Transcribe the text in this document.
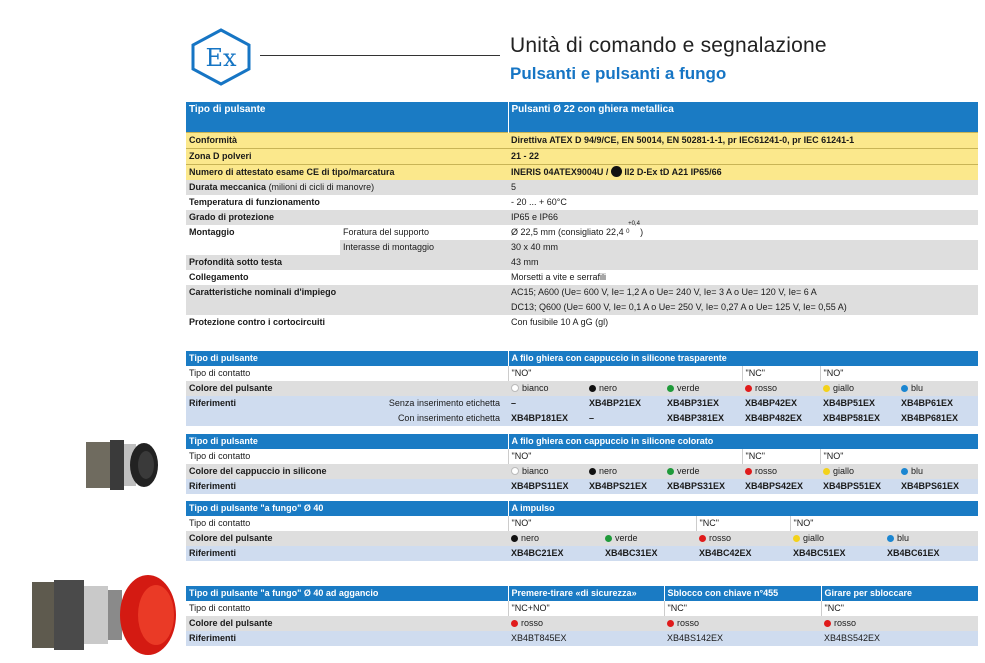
Ex	Unità di comando e segnalazione
Pulsanti e pulsanti a fungo
Tipo di pulsante		Pulsanti Ø 22 con ghiera metallica

Conformità		Direttiva ATEX D 94/9/CE, EN 50014, EN 50281-1-1, pr IEC61241-0, pr IEC 61241-1
Zona D polveri		21 - 22
Numero di attestato esame CE di tipo/marcatura		INERIS 04ATEX9004U / II2 D-Ex tD A21 IP65/66
Durata meccanica (milioni di cicli di manovre)		5
Temperatura di funzionamento		- 20 ... + 60°C
Grado di protezione		IP65 e IP66
Montaggio	Foratura del supporto	Ø 22,5 mm (consigliato 22,4
+0,4
0 )
	Interasse di montaggio	30 x 40 mm
Profondità sotto testa		43 mm
Collegamento		Morsetti a vite e serrafili
Caratteristiche nominali d'impiego		AC15; A600 (Ue= 600 V, Ie= 1,2 A o Ue= 240 V, Ie= 3 A o Ue= 120 V, Ie= 6 A
		DC13; Q600 (Ue= 600 V, Ie= 0,1 A o Ue= 250 V, Ie= 0,27 A o Ue= 125 V, Ie= 0,55 A)
Protezione contro i cortocircuiti		Con fusibile 10 A gG (gl)
Tipo di pulsante		A filo ghiera con cappuccio in silicone trasparente					
Tipo di contatto		"NO"			"NC"	"NO"	
Colore del pulsante		bianco	nero	verde	rosso	giallo	blu
Riferimenti	Senza inserimento etichetta	–	XB4BP21EX	XB4BP31EX	XB4BP42EX	XB4BP51EX	XB4BP61EX
	Con inserimento etichetta	XB4BP181EX	–	XB4BP381EX	XB4BP482EX	XB4BP581EX	XB4BP681EX
Tipo di pulsante	A filo ghiera con cappuccio in silicone colorato					
Tipo di contatto	"NO"			"NC"	"NO"	
Colore del cappuccio in silicone	bianco	nero	verde	rosso	giallo	blu
Riferimenti	XB4BPS11EX	XB4BPS21EX	XB4BPS31EX	XB4BPS42EX	XB4BPS51EX	XB4BPS61EX
Tipo di pulsante "a fungo" Ø 40	A impulso				
Tipo di contatto	"NO"		"NC"	"NO"	
Colore del pulsante	nero	verde	rosso	giallo	blu
Riferimenti	XB4BC21EX	XB4BC31EX	XB4BC42EX	XB4BC51EX	XB4BC61EX
Tipo di pulsante "a fungo" Ø 40 ad aggancio	Premere-tirare «di sicurezza»	Sblocco con chiave n°455	Girare per sbloccare
Tipo di contatto	"NC+NO"	"NC"	"NC"
Colore del pulsante	rosso	rosso	rosso
Riferimenti	XB4BT845EX	XB4BS142EX	XB4BS542EX
